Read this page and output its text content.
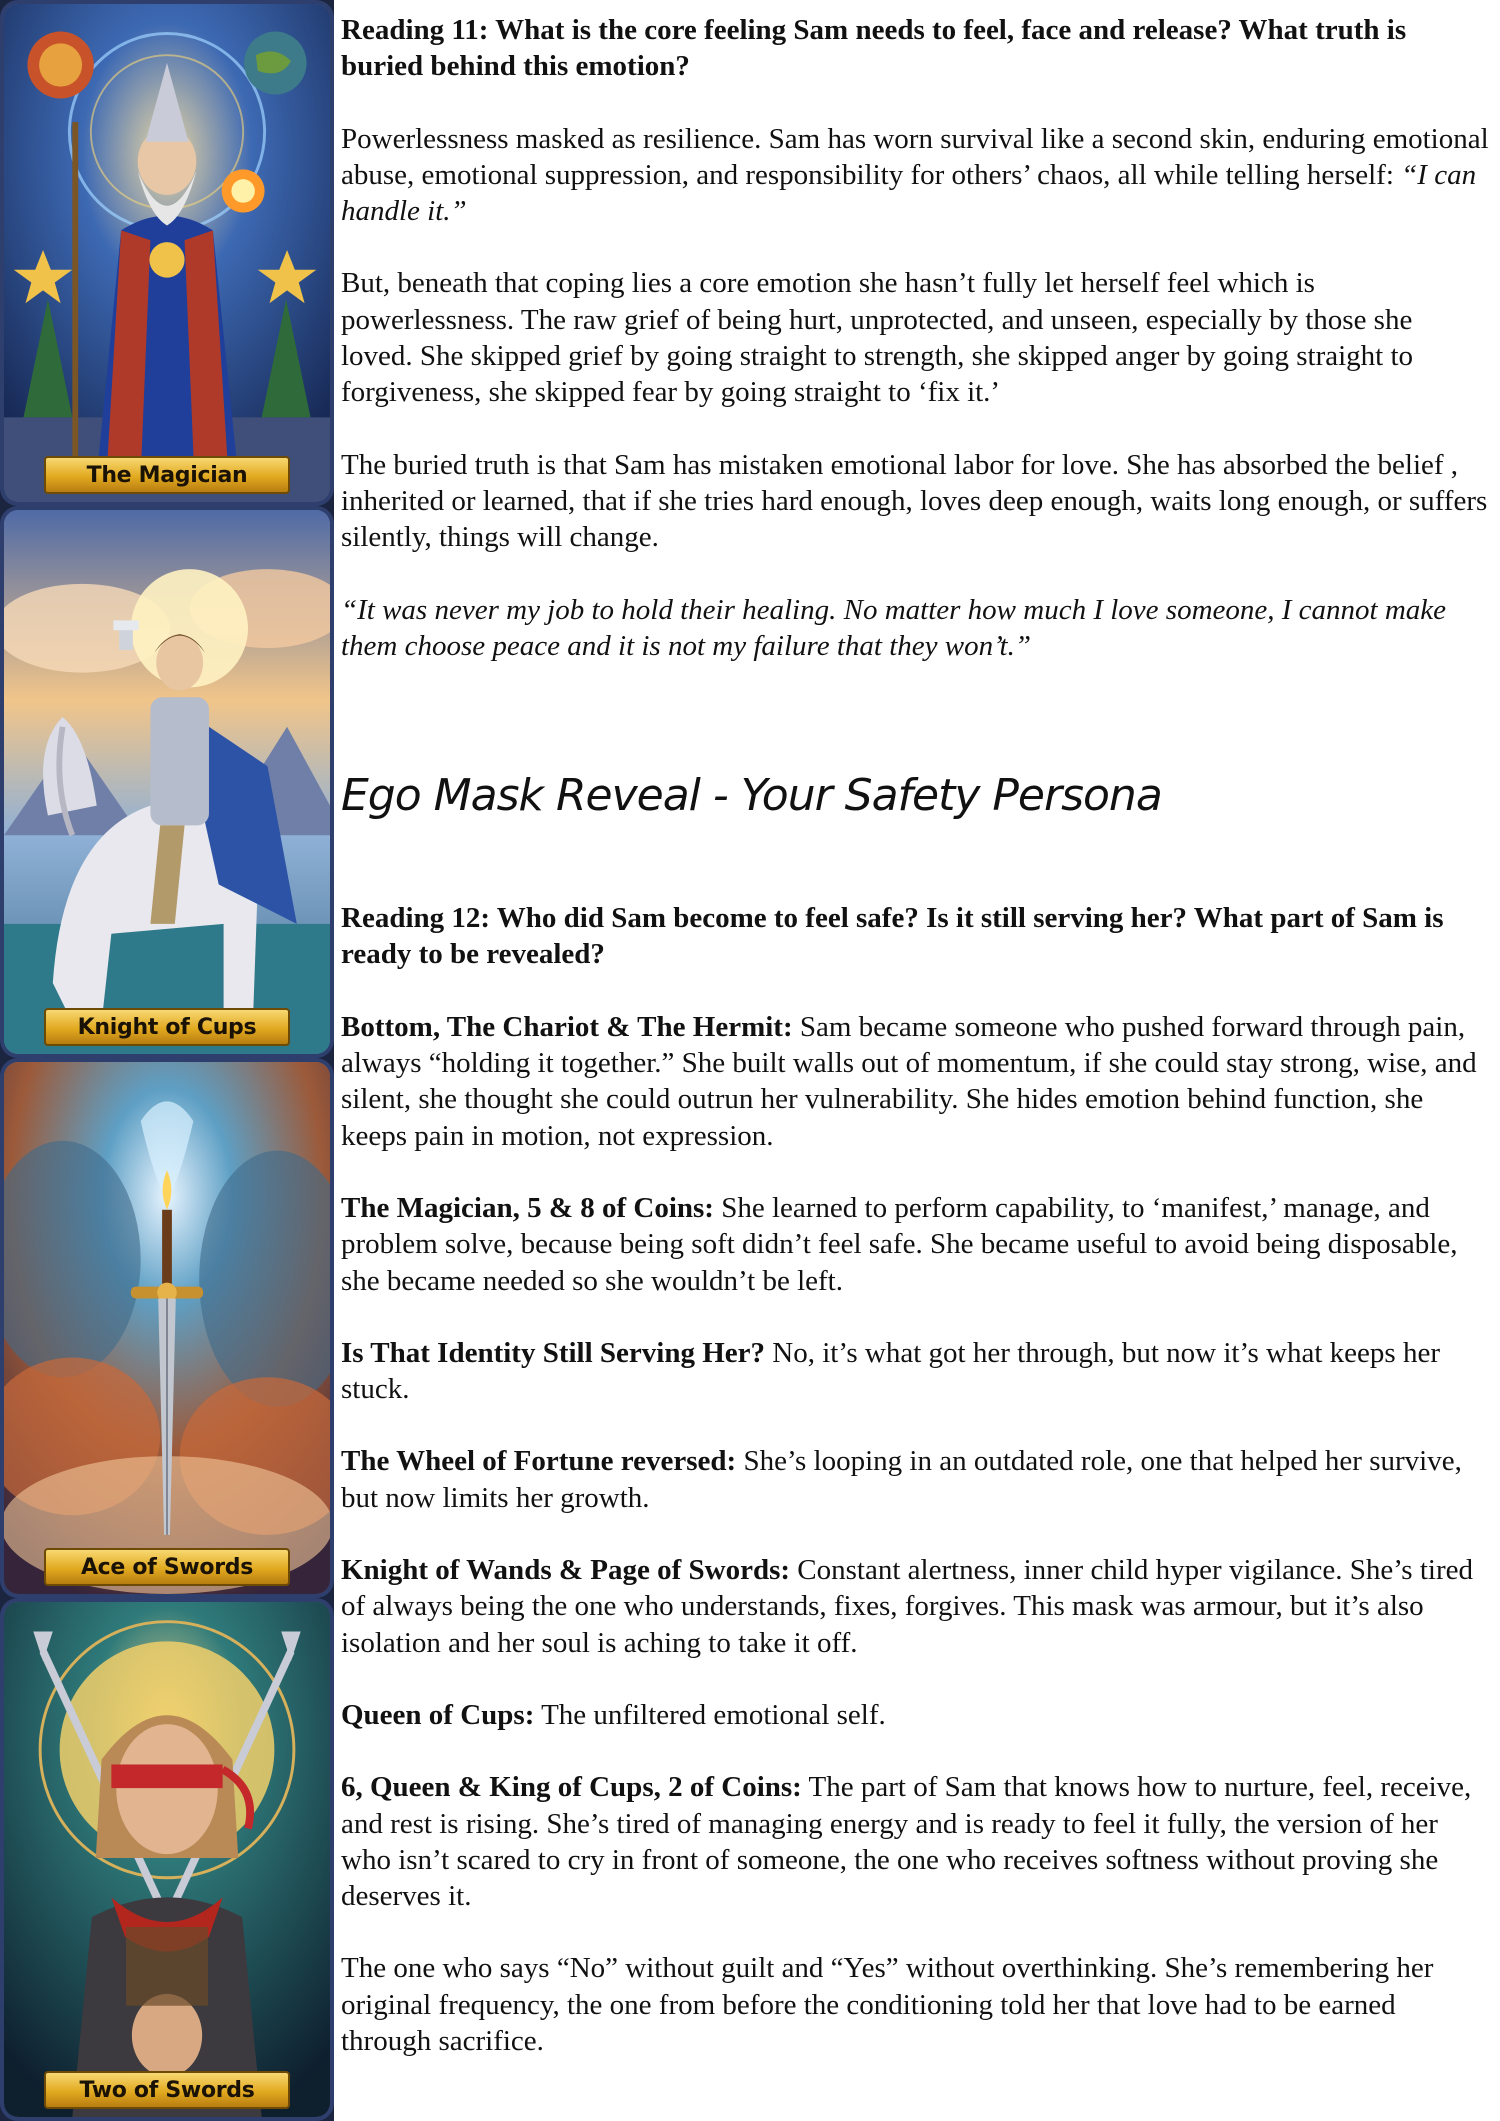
The Magician
Knight of Cups
Ace of Swords
Two of Swords

Reading 11: What is the core feeling Sam needs to feel, face and release? What truth is buried behind this emotion?

Powerlessness masked as resilience. Sam has worn survival like a second skin, enduring emotional abuse, emotional suppression, and responsibility for others’ chaos, all while telling herself: “I can handle it.”

But, beneath that coping lies a core emotion she hasn’t fully let herself feel which is powerlessness. The raw grief of being hurt, unprotected, and unseen, especially by those she loved. She skipped grief by going straight to strength, she skipped anger by going straight to forgiveness, she skipped fear by going straight to ‘fix it.’

The buried truth is that Sam has mistaken emotional labor for love. She has absorbed the belief , inherited or learned, that if she tries hard enough, loves deep enough, waits long enough, or suffers silently, things will change.

“It was never my job to hold their healing. No matter how much I love someone, I cannot make them choose peace and it is not my failure that they won’t.”

Ego Mask Reveal - Your Safety Persona

Reading 12: Who did Sam become to feel safe? Is it still serving her? What part of Sam is ready to be revealed?

Bottom, The Chariot & The Hermit: Sam became someone who pushed forward through pain, always “holding it together.” She built walls out of momentum, if she could stay strong, wise, and silent, she thought she could outrun her vulnerability. She hides emotion behind function, she keeps pain in motion, not expression.

The Magician, 5 & 8 of Coins: She learned to perform capability, to ‘manifest,’ manage, and problem solve, because being soft didn’t feel safe. She became useful to avoid being disposable, she became needed so she wouldn’t be left.

Is That Identity Still Serving Her? No, it’s what got her through, but now it’s what keeps her stuck.

The Wheel of Fortune reversed: She’s looping in an outdated role, one that helped her survive, but now limits her growth.

Knight of Wands & Page of Swords: Constant alertness, inner child hyper vigilance. She’s tired of always being the one who understands, fixes, forgives. This mask was armour, but it’s also isolation and her soul is aching to take it off.

Queen of Cups: The unfiltered emotional self.

6, Queen & King of Cups, 2 of Coins: The part of Sam that knows how to nurture, feel, receive, and rest is rising. She’s tired of managing energy and is ready to feel it fully, the version of her who isn’t scared to cry in front of someone, the one who receives softness without proving she deserves it.

The one who says “No” without guilt and “Yes” without overthinking. She’s remembering her original frequency, the one from before the conditioning told her that love had to be earned through sacrifice.
